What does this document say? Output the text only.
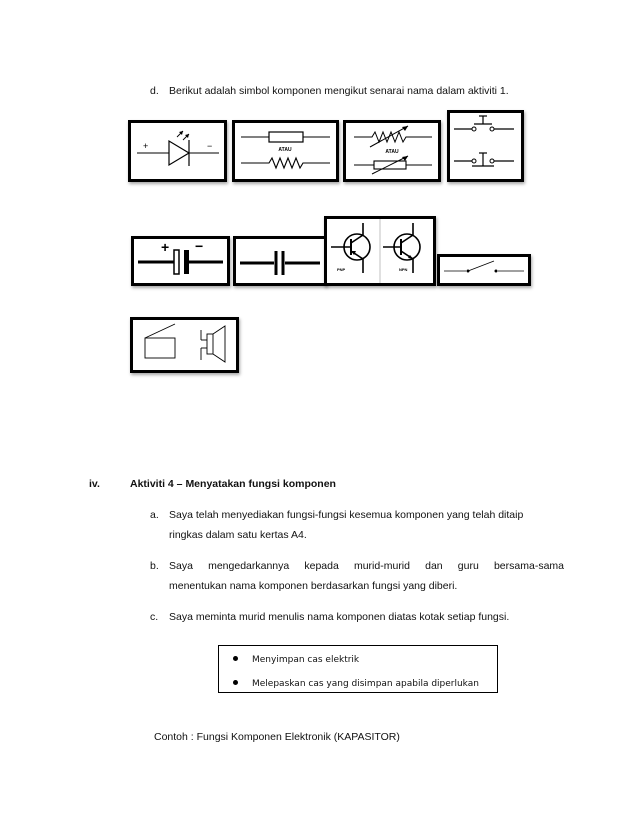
d. Berikut adalah simbol komponen mengikut senarai nama dalam aktiviti 1.
+	−	ATAU	ATAU
+ −
PNP	NPN
iv.	Aktiviti 4 – Menyatakan fungsi komponen
a. Saya telah menyediakan fungsi-fungsi kesemua komponen yang telah ditaip
ringkas dalam satu kertas A4.
b. Saya mengedarkannya kepada murid-murid dan guru bersama-sama
menentukan nama komponen berdasarkan fungsi yang diberi.
c. Saya meminta murid menulis nama komponen diatas kotak setiap fungsi.
Menyimpan cas elektrik
Melepaskan cas yang disimpan apabila diperlukan
Contoh : Fungsi Komponen Elektronik (KAPASITOR)
